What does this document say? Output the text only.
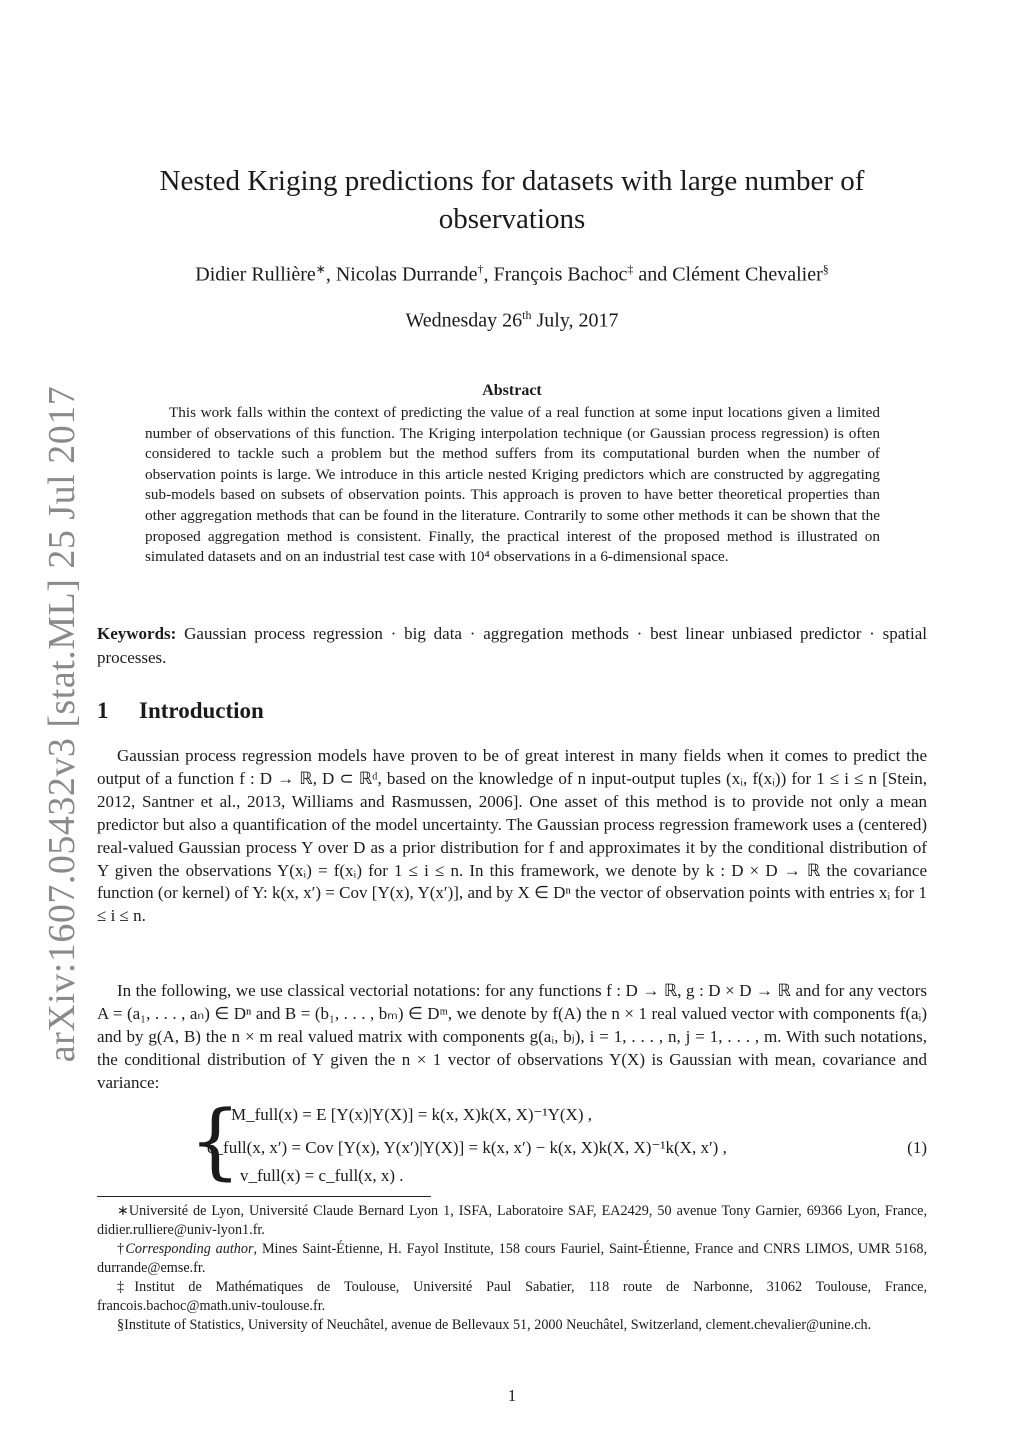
arXiv:1607.05432v3 [stat.ML] 25 Jul 2017
Nested Kriging predictions for datasets with large number of observations
Didier Rullière∗, Nicolas Durrande†, François Bachoc‡ and Clément Chevalier§
Wednesday 26th July, 2017
Abstract

This work falls within the context of predicting the value of a real function at some input locations given a limited number of observations of this function. The Kriging interpolation technique (or Gaussian process regression) is often considered to tackle such a problem but the method suffers from its computational burden when the number of observation points is large. We introduce in this article nested Kriging predictors which are constructed by aggregating sub-models based on subsets of observation points. This approach is proven to have better theoretical properties than other aggregation methods that can be found in the literature. Contrarily to some other methods it can be shown that the proposed aggregation method is consistent. Finally, the practical interest of the proposed method is illustrated on simulated datasets and on an industrial test case with 10⁴ observations in a 6-dimensional space.

Keywords: Gaussian process regression · big data · aggregation methods · best linear unbiased predictor · spatial processes.
1 Introduction

Gaussian process regression models have proven to be of great interest in many fields when it comes to predict the output of a function f : D → ℝ, D ⊂ ℝᵈ, based on the knowledge of n input-output tuples (xᵢ, f(xᵢ)) for 1 ≤ i ≤ n [Stein, 2012, Santner et al., 2013, Williams and Rasmussen, 2006]. One asset of this method is to provide not only a mean predictor but also a quantification of the model uncertainty. The Gaussian process regression framework uses a (centered) real-valued Gaussian process Y over D as a prior distribution for f and approximates it by the conditional distribution of Y given the observations Y(xᵢ) = f(xᵢ) for 1 ≤ i ≤ n. In this framework, we denote by k : D × D → ℝ the covariance function (or kernel) of Y: k(x, x′) = Cov [Y(x), Y(x′)], and by X ∈ Dⁿ the vector of observation points with entries xᵢ for 1 ≤ i ≤ n.

In the following, we use classical vectorial notations: for any functions f : D → ℝ, g : D × D → ℝ and for any vectors A = (a₁, . . . , aₙ) ∈ Dⁿ and B = (b₁, . . . , bₘ) ∈ Dᵐ, we denote by f(A) the n × 1 real valued vector with components f(aᵢ) and by g(A, B) the n × m real valued matrix with components g(aᵢ, bⱼ), i = 1, . . . , n, j = 1, . . . , m. With such notations, the conditional distribution of Y given the n × 1 vector of observations Y(X) is Gaussian with mean, covariance and variance:

{
M_full(x) = E [Y(x)|Y(X)] = k(x, X)k(X, X)⁻¹Y(X) ,
c_full(x, x′) = Cov [Y(x), Y(x′)|Y(X)] = k(x, x′) − k(x, X)k(X, X)⁻¹k(X, x′) ,
v_full(x) = c_full(x, x) .
(1)

∗Université de Lyon, Université Claude Bernard Lyon 1, ISFA, Laboratoire SAF, EA2429, 50 avenue Tony Garnier, 69366 Lyon, France, didier.rulliere@univ-lyon1.fr.

†Corresponding author, Mines Saint-Étienne, H. Fayol Institute, 158 cours Fauriel, Saint-Étienne, France and CNRS LIMOS, UMR 5168, durrande@emse.fr.

‡Institut de Mathématiques de Toulouse, Université Paul Sabatier, 118 route de Narbonne, 31062 Toulouse, France, francois.bachoc@math.univ-toulouse.fr.

§Institute of Statistics, University of Neuchâtel, avenue de Bellevaux 51, 2000 Neuchâtel, Switzerland, clement.chevalier@unine.ch.

1
